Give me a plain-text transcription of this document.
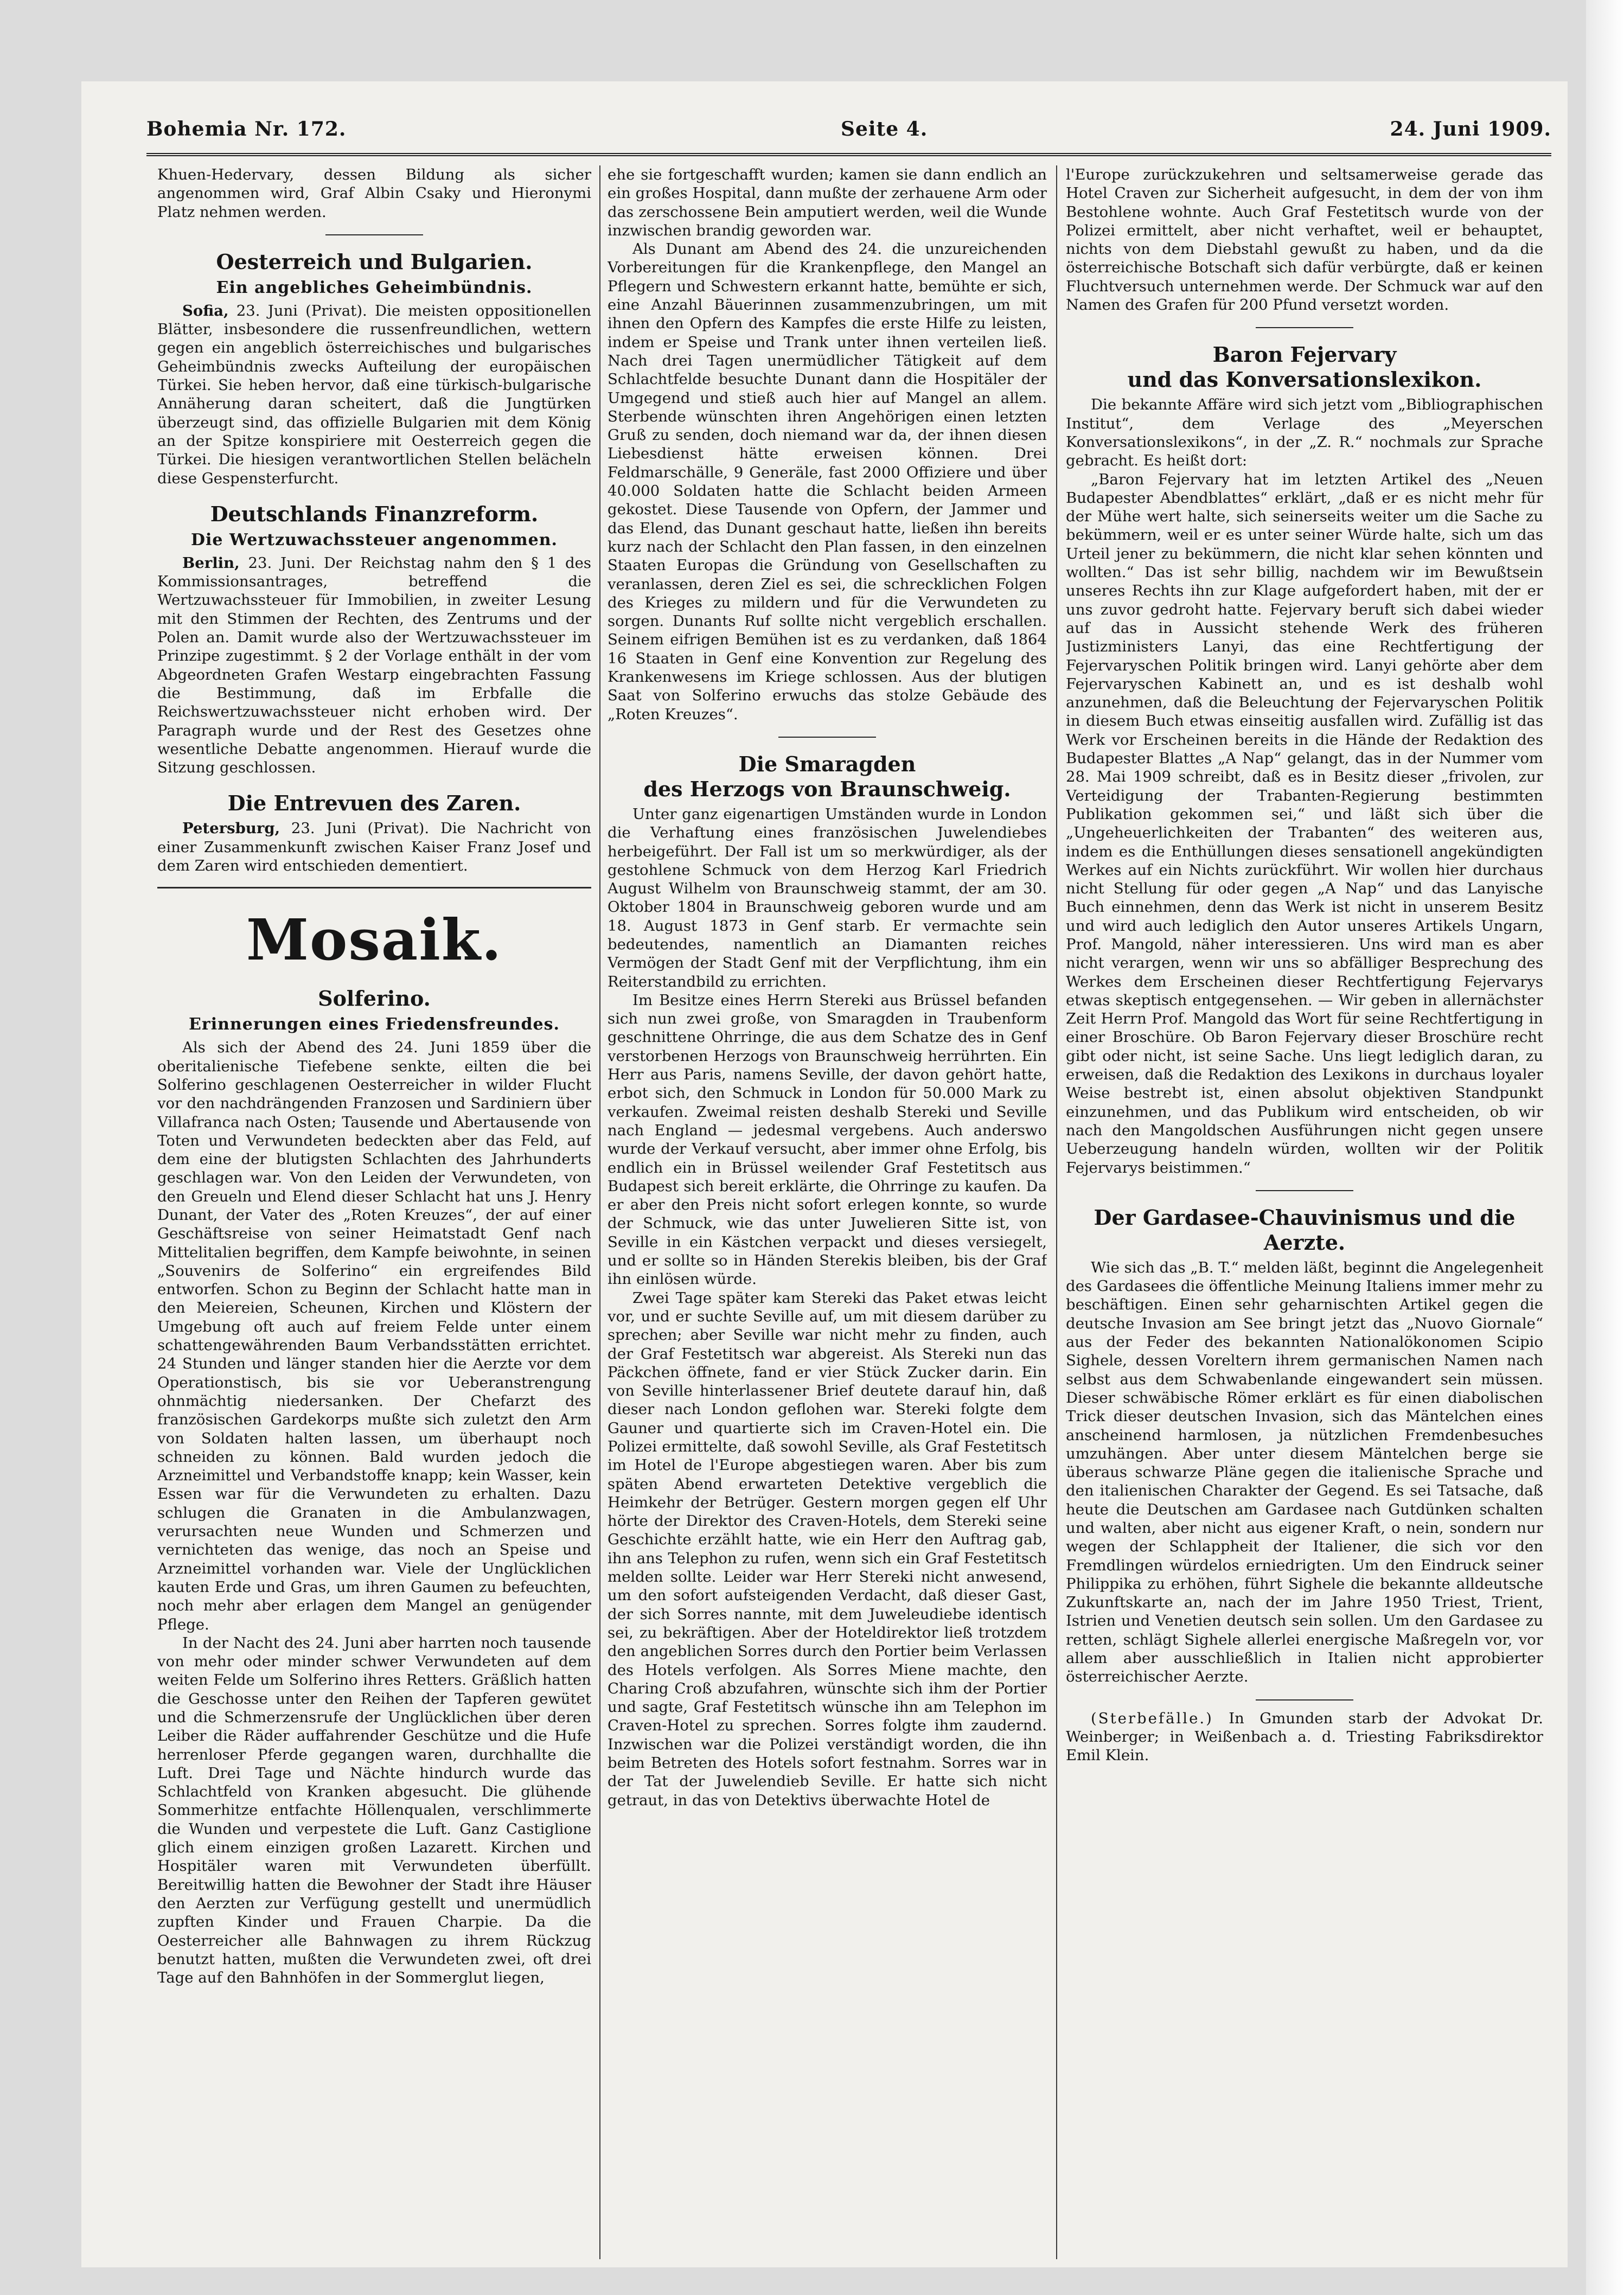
Bohemia Nr. 172.	Seite 4.	24. Juni 1909.

Khuen-Hedervary, dessen Bildung als sicher angenommen wird, Graf Albin Csaky und Hieronymi Platz nehmen werden.

Oesterreich und Bulgarien.
Ein angebliches Geheimbündnis.

Sofia, 23. Juni (Privat). Die meisten oppositionellen Blätter, insbesondere die russenfreundlichen, wettern gegen ein angeblich österreichisches und bulgarisches Geheimbündnis zwecks Aufteilung der europäischen Türkei. Sie heben hervor, daß eine türkisch-bulgarische Annäherung daran scheitert, daß die Jungtürken überzeugt sind, das offizielle Bulgarien mit dem König an der Spitze konspiriere mit Oesterreich gegen die Türkei. Die hiesigen verantwortlichen Stellen belächeln diese Gespensterfurcht.

Deutschlands Finanzreform.
Die Wertzuwachssteuer angenommen.

Berlin, 23. Juni. Der Reichstag nahm den § 1 des Kommissionsantrages, betreffend die Wertzuwachssteuer für Immobilien, in zweiter Lesung mit den Stimmen der Rechten, des Zentrums und der Polen an. Damit wurde also der Wertzuwachssteuer im Prinzipe zugestimmt. § 2 der Vorlage enthält in der vom Abgeordneten Grafen Westarp eingebrachten Fassung die Bestimmung, daß im Erbfalle die Reichswertzuwachssteuer nicht erhoben wird. Der Paragraph wurde und der Rest des Gesetzes ohne wesentliche Debatte angenommen. Hierauf wurde die Sitzung geschlossen.

Die Entrevuen des Zaren.

Petersburg, 23. Juni (Privat). Die Nachricht von einer Zusammenkunft zwischen Kaiser Franz Josef und dem Zaren wird entschieden dementiert.

Mosaik.
Solferino.
Erinnerungen eines Friedensfreundes.

Als sich der Abend des 24. Juni 1859 über die oberitalienische Tiefebene senkte, eilten die bei Solferino geschlagenen Oesterreicher in wilder Flucht vor den nachdrängenden Franzosen und Sardiniern über Villafranca nach Osten; Tausende und Abertausende von Toten und Verwundeten bedeckten aber das Feld, auf dem eine der blutigsten Schlachten des Jahrhunderts geschlagen war. Von den Leiden der Verwundeten, von den Greueln und Elend dieser Schlacht hat uns J. Henry Dunant, der Vater des „Roten Kreuzes“, der auf einer Geschäftsreise von seiner Heimatstadt Genf nach Mittelitalien begriffen, dem Kampfe beiwohnte, in seinen „Souvenirs de Solferino“ ein ergreifendes Bild entworfen. Schon zu Beginn der Schlacht hatte man in den Meiereien, Scheunen, Kirchen und Klöstern der Umgebung oft auch auf freiem Felde unter einem schattengewährenden Baum Verbandsstätten errichtet. 24 Stunden und länger standen hier die Aerzte vor dem Operationstisch, bis sie vor Ueberanstrengung ohnmächtig niedersanken. Der Chefarzt des französischen Gardekorps mußte sich zuletzt den Arm von Soldaten halten lassen, um überhaupt noch schneiden zu können. Bald wurden jedoch die Arzneimittel und Verbandstoffe knapp; kein Wasser, kein Essen war für die Verwundeten zu erhalten. Dazu schlugen die Granaten in die Ambulanzwagen, verursachten neue Wunden und Schmerzen und vernichteten das wenige, das noch an Speise und Arzneimittel vorhanden war. Viele der Unglücklichen kauten Erde und Gras, um ihren Gaumen zu befeuchten, noch mehr aber erlagen dem Mangel an genügender Pflege.

In der Nacht des 24. Juni aber harrten noch tausende von mehr oder minder schwer Verwundeten auf dem weiten Felde um Solferino ihres Retters. Gräßlich hatten die Geschosse unter den Reihen der Tapferen gewütet und die Schmerzensrufe der Unglücklichen über deren Leiber die Räder auffahrender Geschütze und die Hufe herrenloser Pferde gegangen waren, durchhallte die Luft. Drei Tage und Nächte hindurch wurde das Schlachtfeld von Kranken abgesucht. Die glühende Sommerhitze entfachte Höllenqualen, verschlimmerte die Wunden und verpestete die Luft. Ganz Castiglione glich einem einzigen großen Lazarett. Kirchen und Hospitäler waren mit Verwundeten überfüllt. Bereitwillig hatten die Bewohner der Stadt ihre Häuser den Aerzten zur Verfügung gestellt und unermüdlich zupften Kinder und Frauen Charpie. Da die Oesterreicher alle Bahnwagen zu ihrem Rückzug benutzt hatten, mußten die Verwundeten zwei, oft drei Tage auf den Bahnhöfen in der Sommerglut liegen,

ehe sie fortgeschafft wurden; kamen sie dann endlich an ein großes Hospital, dann mußte der zerhauene Arm oder das zerschossene Bein amputiert werden, weil die Wunde inzwischen brandig geworden war.

Als Dunant am Abend des 24. die unzureichenden Vorbereitungen für die Krankenpflege, den Mangel an Pflegern und Schwestern erkannt hatte, bemühte er sich, eine Anzahl Bäuerinnen zusammenzubringen, um mit ihnen den Opfern des Kampfes die erste Hilfe zu leisten, indem er Speise und Trank unter ihnen verteilen ließ. Nach drei Tagen unermüdlicher Tätigkeit auf dem Schlachtfelde besuchte Dunant dann die Hospitäler der Umgegend und stieß auch hier auf Mangel an allem. Sterbende wünschten ihren Angehörigen einen letzten Gruß zu senden, doch niemand war da, der ihnen diesen Liebesdienst hätte erweisen können. Drei Feldmarschälle, 9 Generäle, fast 2000 Offiziere und über 40.000 Soldaten hatte die Schlacht beiden Armeen gekostet. Diese Tausende von Opfern, der Jammer und das Elend, das Dunant geschaut hatte, ließen ihn bereits kurz nach der Schlacht den Plan fassen, in den einzelnen Staaten Europas die Gründung von Gesellschaften zu veranlassen, deren Ziel es sei, die schrecklichen Folgen des Krieges zu mildern und für die Verwundeten zu sorgen. Dunants Ruf sollte nicht vergeblich erschallen. Seinem eifrigen Bemühen ist es zu verdanken, daß 1864 16 Staaten in Genf eine Konvention zur Regelung des Krankenwesens im Kriege schlossen. Aus der blutigen Saat von Solferino erwuchs das stolze Gebäude des „Roten Kreuzes“.

Die Smaragden
des Herzogs von Braunschweig.

Unter ganz eigenartigen Umständen wurde in London die Verhaftung eines französischen Juwelendiebes herbeigeführt. Der Fall ist um so merkwürdiger, als der gestohlene Schmuck von dem Herzog Karl Friedrich August Wilhelm von Braunschweig stammt, der am 30. Oktober 1804 in Braunschweig geboren wurde und am 18. August 1873 in Genf starb. Er vermachte sein bedeutendes, namentlich an Diamanten reiches Vermögen der Stadt Genf mit der Verpflichtung, ihm ein Reiterstandbild zu errichten.

Im Besitze eines Herrn Stereki aus Brüssel befanden sich nun zwei große, von Smaragden in Traubenform geschnittene Ohrringe, die aus dem Schatze des in Genf verstorbenen Herzogs von Braunschweig herrührten. Ein Herr aus Paris, namens Seville, der davon gehört hatte, erbot sich, den Schmuck in London für 50.000 Mark zu verkaufen. Zweimal reisten deshalb Stereki und Seville nach England — jedesmal vergebens. Auch anderswo wurde der Verkauf versucht, aber immer ohne Erfolg, bis endlich ein in Brüssel weilender Graf Festetitsch aus Budapest sich bereit erklärte, die Ohrringe zu kaufen. Da er aber den Preis nicht sofort erlegen konnte, so wurde der Schmuck, wie das unter Juwelieren Sitte ist, von Seville in ein Kästchen verpackt und dieses versiegelt, und er sollte so in Händen Sterekis bleiben, bis der Graf ihn einlösen würde.

Zwei Tage später kam Stereki das Paket etwas leicht vor, und er suchte Seville auf, um mit diesem darüber zu sprechen; aber Seville war nicht mehr zu finden, auch der Graf Festetitsch war abgereist. Als Stereki nun das Päckchen öffnete, fand er vier Stück Zucker darin. Ein von Seville hinterlassener Brief deutete darauf hin, daß dieser nach London geflohen war. Stereki folgte dem Gauner und quartierte sich im Craven-Hotel ein. Die Polizei ermittelte, daß sowohl Seville, als Graf Festetitsch im Hotel de l'Europe abgestiegen waren. Aber bis zum späten Abend erwarteten Detektive vergeblich die Heimkehr der Betrüger. Gestern morgen gegen elf Uhr hörte der Direktor des Craven-Hotels, dem Stereki seine Geschichte erzählt hatte, wie ein Herr den Auftrag gab, ihn ans Telephon zu rufen, wenn sich ein Graf Festetitsch melden sollte. Leider war Herr Stereki nicht anwesend, um den sofort aufsteigenden Verdacht, daß dieser Gast, der sich Sorres nannte, mit dem Juweleudiebe identisch sei, zu bekräftigen. Aber der Hoteldirektor ließ trotzdem den angeblichen Sorres durch den Portier beim Verlassen des Hotels verfolgen. Als Sorres Miene machte, den Charing Croß abzufahren, wünschte sich ihm der Portier und sagte, Graf Festetitsch wünsche ihn am Telephon im Craven-Hotel zu sprechen. Sorres folgte ihm zaudernd. Inzwischen war die Polizei verständigt worden, die ihn beim Betreten des Hotels sofort festnahm. Sorres war in der Tat der Juwelendieb Seville. Er hatte sich nicht getraut, in das von Detektivs überwachte Hotel de

l'Europe zurückzukehren und seltsamerweise gerade das Hotel Craven zur Sicherheit aufgesucht, in dem der von ihm Bestohlene wohnte. Auch Graf Festetitsch wurde von der Polizei ermittelt, aber nicht verhaftet, weil er behauptet, nichts von dem Diebstahl gewußt zu haben, und da die österreichische Botschaft sich dafür verbürgte, daß er keinen Fluchtversuch unternehmen werde. Der Schmuck war auf den Namen des Grafen für 200 Pfund versetzt worden.

Baron Fejervary
und das Konversationslexikon.

Die bekannte Affäre wird sich jetzt vom „Bibliographischen Institut“, dem Verlage des „Meyerschen Konversationslexikons“, in der „Z. R.“ nochmals zur Sprache gebracht. Es heißt dort:

„Baron Fejervary hat im letzten Artikel des „Neuen Budapester Abendblattes“ erklärt, „daß er es nicht mehr für der Mühe wert halte, sich seinerseits weiter um die Sache zu bekümmern, weil er es unter seiner Würde halte, sich um das Urteil jener zu bekümmern, die nicht klar sehen könnten und wollten.“ Das ist sehr billig, nachdem wir im Bewußtsein unseres Rechts ihn zur Klage aufgefordert haben, mit der er uns zuvor gedroht hatte. Fejervary beruft sich dabei wieder auf das in Aussicht stehende Werk des früheren Justizministers Lanyi, das eine Rechtfertigung der Fejervaryschen Politik bringen wird. Lanyi gehörte aber dem Fejervaryschen Kabinett an, und es ist deshalb wohl anzunehmen, daß die Beleuchtung der Fejervaryschen Politik in diesem Buch etwas einseitig ausfallen wird. Zufällig ist das Werk vor Erscheinen bereits in die Hände der Redaktion des Budapester Blattes „A Nap“ gelangt, das in der Nummer vom 28. Mai 1909 schreibt, daß es in Besitz dieser „frivolen, zur Verteidigung der Trabanten-Regierung bestimmten Publikation gekommen sei,“ und läßt sich über die „Ungeheuerlichkeiten der Trabanten“ des weiteren aus, indem es die Enthüllungen dieses sensationell angekündigten Werkes auf ein Nichts zurückführt. Wir wollen hier durchaus nicht Stellung für oder gegen „A Nap“ und das Lanyische Buch einnehmen, denn das Werk ist nicht in unserem Besitz und wird auch lediglich den Autor unseres Artikels Ungarn, Prof. Mangold, näher interessieren. Uns wird man es aber nicht verargen, wenn wir uns so abfälliger Besprechung des Werkes dem Erscheinen dieser Rechtfertigung Fejervarys etwas skeptisch entgegensehen. — Wir geben in allernächster Zeit Herrn Prof. Mangold das Wort für seine Rechtfertigung in einer Broschüre. Ob Baron Fejervary dieser Broschüre recht gibt oder nicht, ist seine Sache. Uns liegt lediglich daran, zu erweisen, daß die Redaktion des Lexikons in durchaus loyaler Weise bestrebt ist, einen absolut objektiven Standpunkt einzunehmen, und das Publikum wird entscheiden, ob wir nach den Mangoldschen Ausführungen nicht gegen unsere Ueberzeugung handeln würden, wollten wir der Politik Fejervarys beistimmen.“

Der Gardasee-Chauvinismus und die
Aerzte.

Wie sich das „B. T.“ melden läßt, beginnt die Angelegenheit des Gardasees die öffentliche Meinung Italiens immer mehr zu beschäftigen. Einen sehr geharnischten Artikel gegen die deutsche Invasion am See bringt jetzt das „Nuovo Giornale“ aus der Feder des bekannten Nationalökonomen Scipio Sighele, dessen Voreltern ihrem germanischen Namen nach selbst aus dem Schwabenlande eingewandert sein müssen. Dieser schwäbische Römer erklärt es für einen diabolischen Trick dieser deutschen Invasion, sich das Mäntelchen eines anscheinend harmlosen, ja nützlichen Fremdenbesuches umzuhängen. Aber unter diesem Mäntelchen berge sie überaus schwarze Pläne gegen die italienische Sprache und den italienischen Charakter der Gegend. Es sei Tatsache, daß heute die Deutschen am Gardasee nach Gutdünken schalten und walten, aber nicht aus eigener Kraft, o nein, sondern nur wegen der Schlappheit der Italiener, die sich vor den Fremdlingen würdelos erniedrigten. Um den Eindruck seiner Philippika zu erhöhen, führt Sighele die bekannte alldeutsche Zukunftskarte an, nach der im Jahre 1950 Triest, Trient, Istrien und Venetien deutsch sein sollen. Um den Gardasee zu retten, schlägt Sighele allerlei energische Maßregeln vor, vor allem aber ausschließlich in Italien nicht approbierter österreichischer Aerzte.

(Sterbefälle.) In Gmunden starb der Advokat Dr. Weinberger; in Weißenbach a. d. Triesting Fabriksdirektor Emil Klein.
